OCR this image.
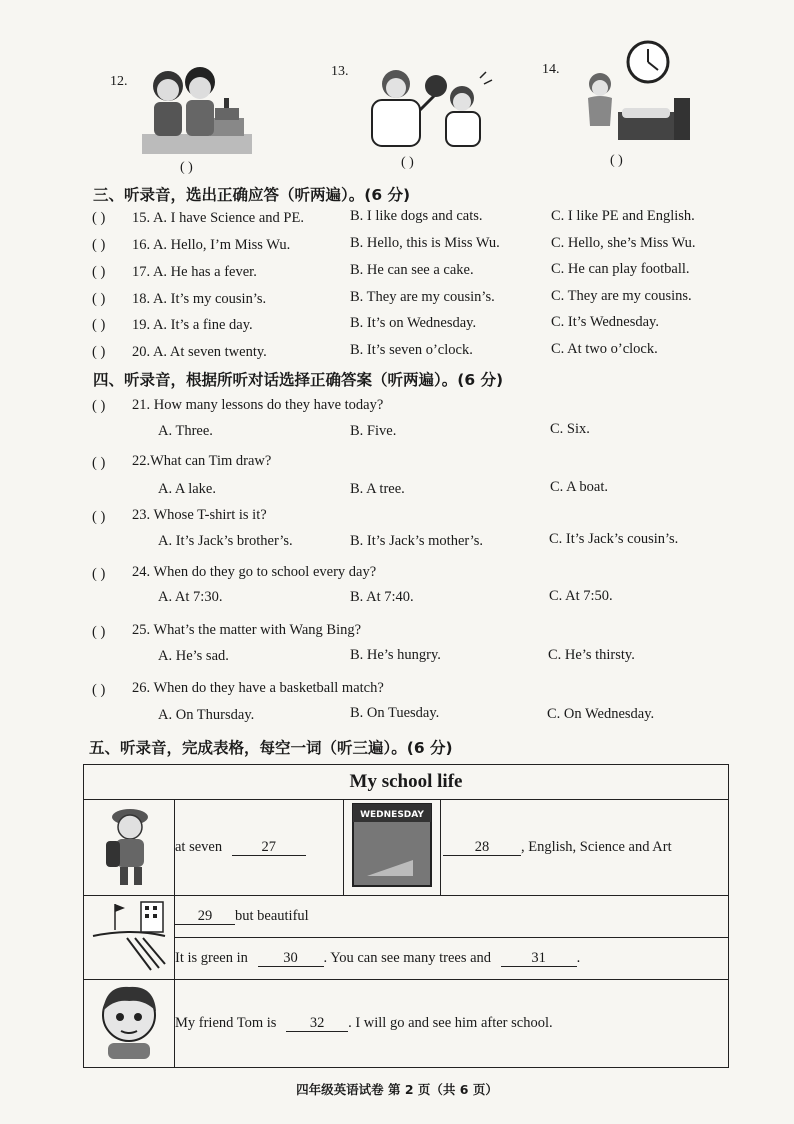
12.
( )
13.
( )
14.
( )
三、听录音，选出正确应答（听两遍）。(6 分)
( ) 15. A. I have Science and PE.	B. I like dogs and cats.	C. I like PE and English.
( ) 16. A. Hello, I’m Miss Wu.	B. Hello, this is Miss Wu.	C. Hello, she’s Miss Wu.
( ) 17. A. He has a fever.	B. He can see a cake.	C. He can play football.
( ) 18. A. It’s my cousin’s.	B. They are my cousin’s.	C. They are my cousins.
( ) 19. A. It’s a fine day.	B. It’s on Wednesday.	C. It’s Wednesday.
( ) 20. A. At seven twenty.	B. It’s seven o’clock.	C. At two o’clock.
四、听录音，根据所听对话选择正确答案（听两遍）。(6 分)
( ) 21. How many lessons do they have today?
A. Three.	B. Five.	C. Six.
( ) 22.What can Tim draw?
A. A lake.	B. A tree.	C. A boat.
( ) 23. Whose T-shirt is it?
A. It’s Jack’s brother’s.	B. It’s Jack’s mother’s.	C. It’s Jack’s cousin’s.
( ) 24. When do they go to school every day?
A. At 7:30.	B. At 7:40.	C. At 7:50.
( ) 25. What’s the matter with Wang Bing?
A. He’s sad.	B. He’s hungry.	C. He’s thirsty.
( ) 26. When do they have a basketball match?
A. On Thursday.	B. On Tuesday.	C. On Wednesday.
五、听录音，完成表格，每空一词（听三遍）。(6 分)
My school life			
	at seven 27	WEDNESDAY	28 , English, Science and Art
	29 but beautiful		
	It is green in 30 . You can see many trees and 31 .		
	My friend Tom is 32 . I will go and see him after school.		
四年级英语试卷 第 2 页（共 6 页）
